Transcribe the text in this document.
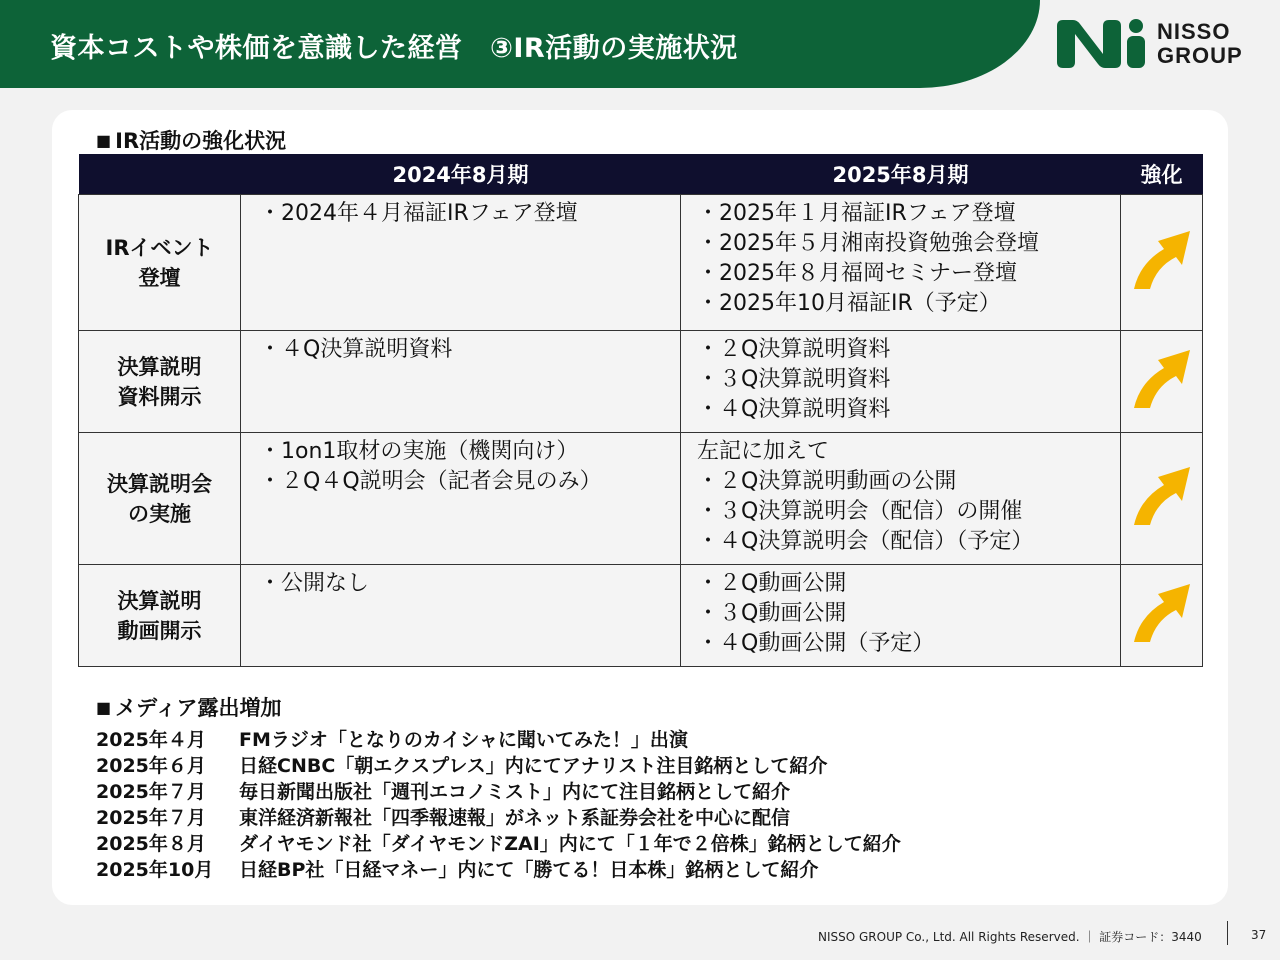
資本コストや株価を意識した経営　③IR活動の実施状況
NISSO
GROUP
■ IR活動の強化状況
	2024年8月期	2025年8月期	強化

IRイベント
登壇	・2024年４月福証IRフェア登壇	・2025年１月福証IRフェア登壇
・2025年５月湘南投資勉強会登壇
・2025年８月福岡セミナー登壇
・2025年10月福証IR（予定）

決算説明
資料開示	・４Q決算説明資料	・２Q決算説明資料
・３Q決算説明資料
・４Q決算説明資料

決算説明会
の実施	・1on1取材の実施（機関向け）
・２Q４Q説明会（記者会見のみ）	左記に加えて
・２Q決算説明動画の公開
・３Q決算説明会（配信）の開催
・４Q決算説明会（配信）（予定）

決算説明
動画開示	・公開なし	・２Q動画公開
・３Q動画公開
・４Q動画公開（予定）

■ メディア露出増加
2025年４月 FMラジオ「となりのカイシャに聞いてみた！」出演
2025年６月 日経CNBC「朝エクスプレス」内にてアナリスト注目銘柄として紹介
2025年７月 毎日新聞出版社「週刊エコノミスト」内にて注目銘柄として紹介
2025年７月 東洋経済新報社「四季報速報」がネット系証券会社を中心に配信
2025年８月 ダイヤモンド社「ダイヤモンドZAI」内にて「１年で２倍株」銘柄として紹介
2025年10月 日経BP社「日経マネー」内にて「勝てる！日本株」銘柄として紹介
NISSO GROUP Co., Ltd. All Rights Reserved. ｜ 証券コード：3440	37
